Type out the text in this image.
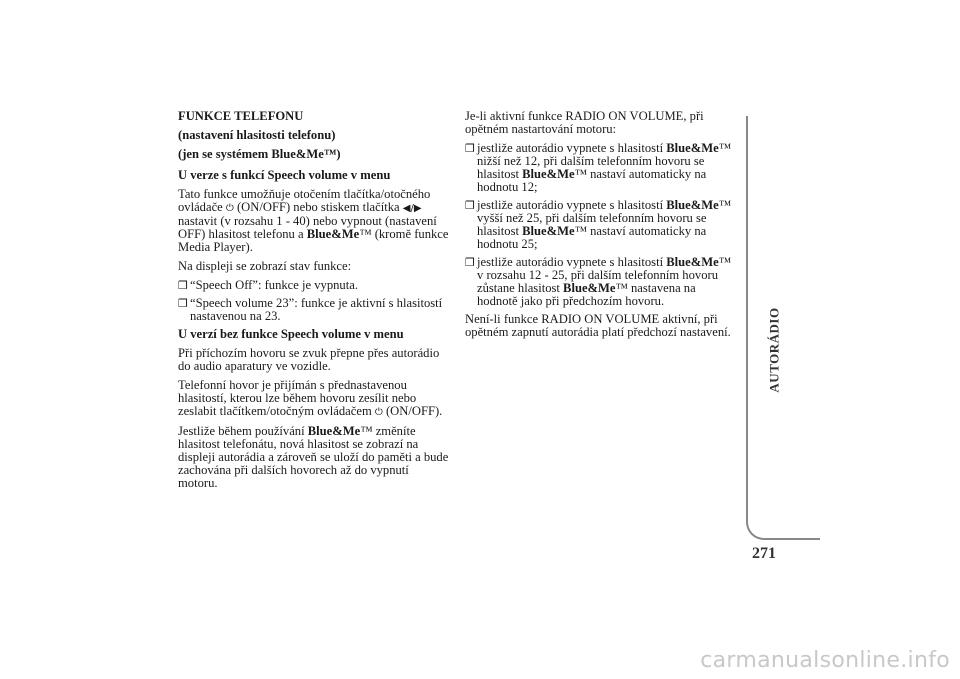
FUNKCE TELEFONU

(nastavení hlasitosti telefonu)

(jen se systémem Blue&Me™)

U verze s funkcí Speech volume v menu

Tato funkce umožňuje otočením tlačítka/otočného ovládače ⏻ (ON/OFF) nebo stiskem tlačítka ◀/▶ nastavit (v rozsahu 1 - 40) nebo vypnout (nastavení OFF) hlasitost telefonu a Blue&Me™ (kromě funkce Media Player).

Na displeji se zobrazí stav funkce:

❒ “Speech Off”: funkce je vypnuta.
❒ “Speech volume 23”: funkce je aktivní s hlasitostí nastavenou na 23.

U verzí bez funkce Speech volume v menu

Při příchozím hovoru se zvuk přepne přes autorádio do audio aparatury ve vozidle.

Telefonní hovor je přijímán s přednastavenou hlasitostí, kterou lze během hovoru zesílit nebo zeslabit tlačítkem/otočným ovládačem ⏻ (ON/OFF).

Jestliže během používání Blue&Me™ změníte hlasitost telefonátu, nová hlasitost se zobrazí na displeji autorádia a zároveň se uloží do paměti a bude zachována při dalších hovorech až do vypnutí motoru.

Je-li aktivní funkce RADIO ON VOLUME, při opětném nastartování motoru:

❒ jestliže autorádio vypnete s hlasitostí Blue&Me™ nižší než 12, při dalším telefonním hovoru se hlasitost Blue&Me™ nastaví automaticky na hodnotu 12;
❒ jestliže autorádio vypnete s hlasitostí Blue&Me™ vyšší než 25, při dalším telefonním hovoru se hlasitost Blue&Me™ nastaví automaticky na hodnotu 25;
❒ jestliže autorádio vypnete s hlasitostí Blue&Me™ v rozsahu 12 - 25, při dalším telefonním hovoru zůstane hlasitost Blue&Me™ nastavena na hodnotě jako při předchozím hovoru.

Není-li funkce RADIO ON VOLUME aktivní, při opětném zapnutí autorádia platí předchozí nastavení.	AUTORÁDIO
271
carmanualsonline.info
